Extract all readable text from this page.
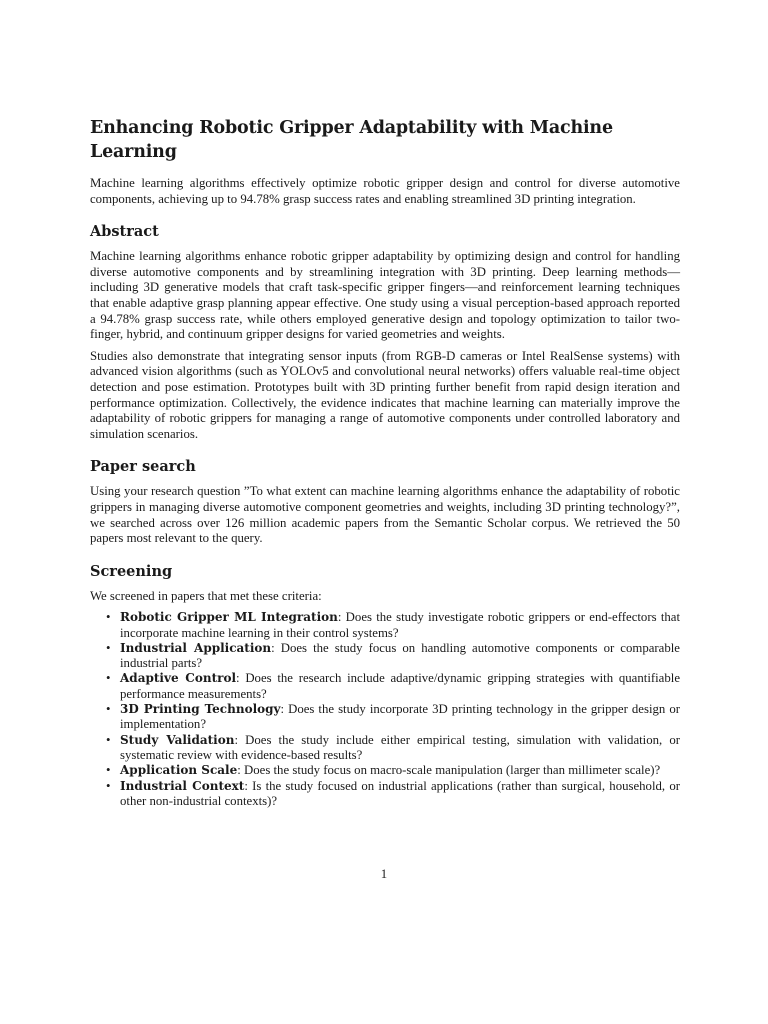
Enhancing Robotic Gripper Adaptability with Machine Learning

Machine learning algorithms effectively optimize robotic gripper design and control for diverse automotive components, achieving up to 94.78% grasp success rates and enabling streamlined 3D printing integration.

Abstract

Machine learning algorithms enhance robotic gripper adaptability by optimizing design and control for handling diverse automotive components and by streamlining integration with 3D printing. Deep learning methods—including 3D generative models that craft task-specific gripper fingers—and reinforcement learning techniques that enable adaptive grasp planning appear effective. One study using a visual perception-based approach reported a 94.78% grasp success rate, while others employed generative design and topology optimization to tailor two-finger, hybrid, and continuum gripper designs for varied geometries and weights.

Studies also demonstrate that integrating sensor inputs (from RGB-D cameras or Intel RealSense systems) with advanced vision algorithms (such as YOLOv5 and convolutional neural networks) offers valuable real-time object detection and pose estimation. Prototypes built with 3D printing further benefit from rapid design iteration and performance optimization. Collectively, the evidence indicates that machine learning can materially improve the adaptability of robotic grippers for managing a range of automotive components under controlled laboratory and simulation scenarios.

Paper search

Using your research question ”To what extent can machine learning algorithms enhance the adaptability of robotic grippers in managing diverse automotive component geometries and weights, including 3D printing technology?”, we searched across over 126 million academic papers from the Semantic Scholar corpus. We retrieved the 50 papers most relevant to the query.

Screening

We screened in papers that met these criteria:

• Robotic Gripper ML Integration: Does the study investigate robotic grippers or end-effectors that incorporate machine learning in their control systems?
• Industrial Application: Does the study focus on handling automotive components or comparable industrial parts?
• Adaptive Control: Does the research include adaptive/dynamic gripping strategies with quantifiable performance measurements?
• 3D Printing Technology: Does the study incorporate 3D printing technology in the gripper design or implementation?
• Study Validation: Does the study include either empirical testing, simulation with validation, or systematic review with evidence-based results?
• Application Scale: Does the study focus on macro-scale manipulation (larger than millimeter scale)?
• Industrial Context: Is the study focused on industrial applications (rather than surgical, household, or other non-industrial contexts)?
1
